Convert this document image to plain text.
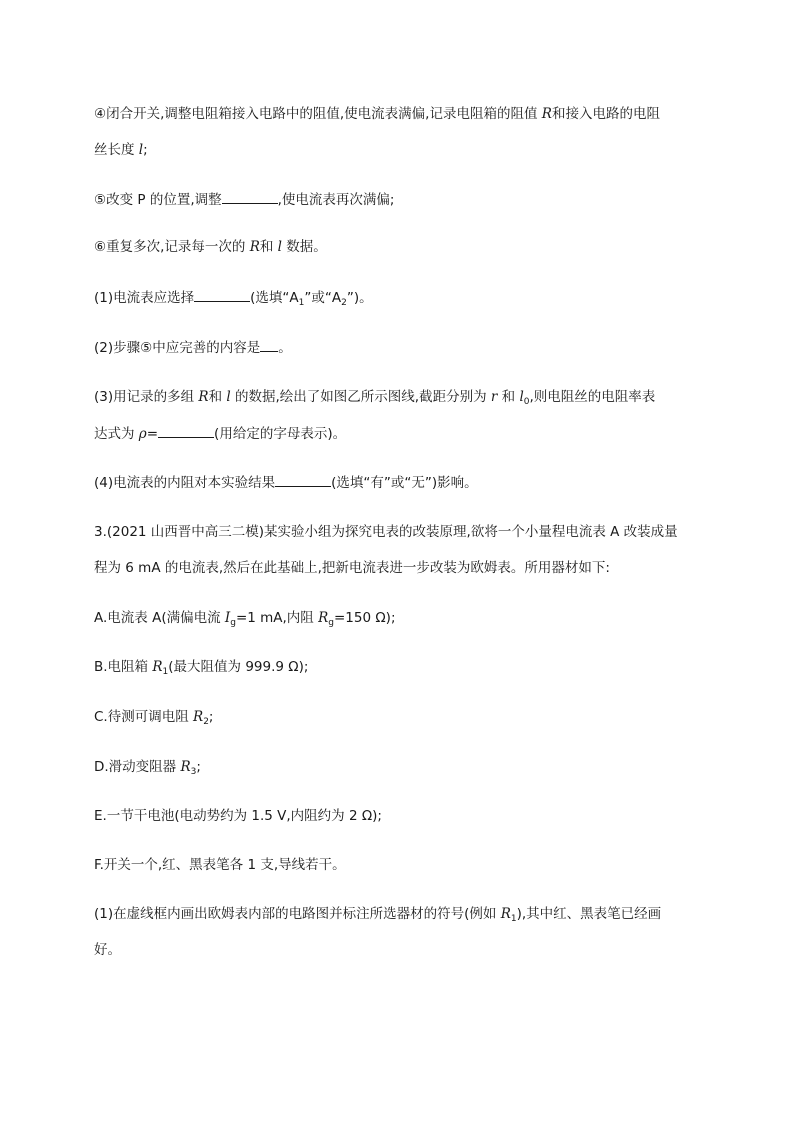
④闭合开关,调整电阻箱接入电路中的阻值,使电流表满偏,记录电阻箱的阻值 R和接入电路的电阻
丝长度 l;
⑤改变 P 的位置,调整	,使电流表再次满偏;
⑥重复多次,记录每一次的 R和 l 数据。
(1)电流表应选择	(选填“$A_1$”或“$A_2$”)。
(2)步骤⑤中应完善的内容是 。
(3)用记录的多组 R和 l 的数据,绘出了如图乙所示图线,截距分别为 r 和 $l_0$,则电阻丝的电阻率表
达式为 ρ=	(用给定的字母表示)。
(4)电流表的内阻对本实验结果	(选填“有”或“无”)影响。
3.(2021 山西晋中高三二模)某实验小组为探究电表的改装原理,欲将一个小量程电流表 A 改装成量
程为 6 mA 的电流表,然后在此基础上,把新电流表进一步改装为欧姆表。所用器材如下:
A.电流表 A(满偏电流 $I_g=1$ mA,内阻 $R_g=150$ Ω);
B.电阻箱 $R_1$(最大阻值为 999.9 Ω);
C.待测可调电阻 $R_2$;
D.滑动变阻器 $R_3$;
E.一节干电池(电动势约为 1.5 V,内阻约为 2 Ω);
F.开关一个,红、黑表笔各 1 支,导线若干。
(1)在虚线框内画出欧姆表内部的电路图并标注所选器材的符号(例如 $R_1$),其中红、黑表笔已经画
好。
